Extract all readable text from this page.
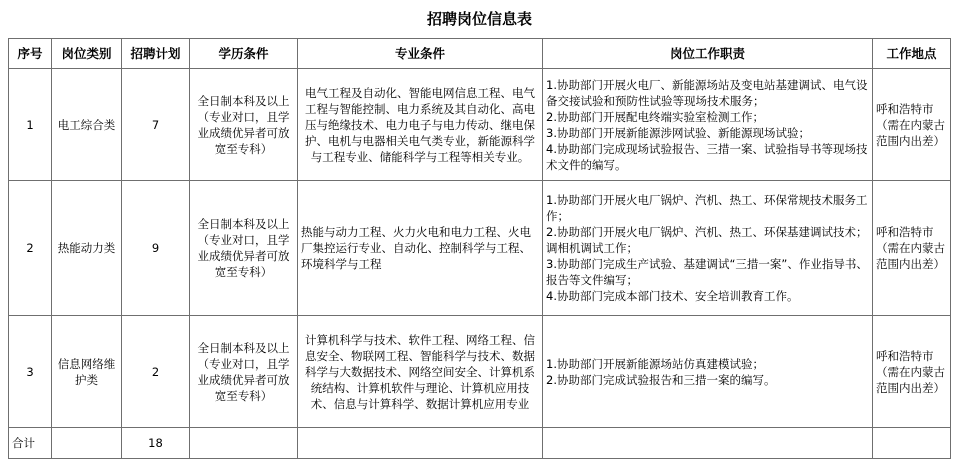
招聘岗位信息表
序号	岗位类别	招聘计划	学历条件	专业条件	岗位工作职责	工作地点
1	电工综合类	7	全日制本科及以上（专业对口，且学业成绩优异者可放宽至专科）	电气工程及自动化、智能电网信息工程、电气工程与智能控制、电力系统及其自动化、高电压与绝缘技术、电力电子与电力传动、继电保护、电机与电器相关电气类专业，新能源科学与工程专业、储能科学与工程等相关专业。	1.协助部门开展火电厂、新能源场站及变电站基建调试、电气设备交接试验和预防性试验等现场技术服务；
2.协助部门开展配电终端实验室检测工作；
3.协助部门开展新能源涉网试验、新能源现场试验；
4.协助部门完成现场试验报告、三措一案、试验指导书等现场技术文件的编写。	呼和浩特市（需在内蒙古范围内出差）
2	热能动力类	9	全日制本科及以上（专业对口，且学业成绩优异者可放宽至专科）	热能与动力工程、火力火电和电力工程、火电厂集控运行专业、自动化、控制科学与工程、环境科学与工程	1.协助部门开展火电厂锅炉、汽机、热工、环保常规技术服务工作；
2.协助部门开展火电厂锅炉、汽机、热工、环保基建调试技术；调相机调试工作；
3.协助部门完成生产试验、基建调试“三措一案”、作业指导书、报告等文件编写；
4.协助部门完成本部门技术、安全培训教育工作。	呼和浩特市（需在内蒙古范围内出差）
3	信息网络维护类	2	全日制本科及以上（专业对口，且学业成绩优异者可放宽至专科）	计算机科学与技术、软件工程、网络工程、信息安全、物联网工程、智能科学与技术、数据科学与大数据技术、网络空间安全、计算机系统结构、计算机软件与理论、计算机应用技术、信息与计算科学、数据计算机应用专业	1.协助部门开展新能源场站仿真建模试验；
2.协助部门完成试验报告和三措一案的编写。	呼和浩特市（需在内蒙古范围内出差）
合计		18				
